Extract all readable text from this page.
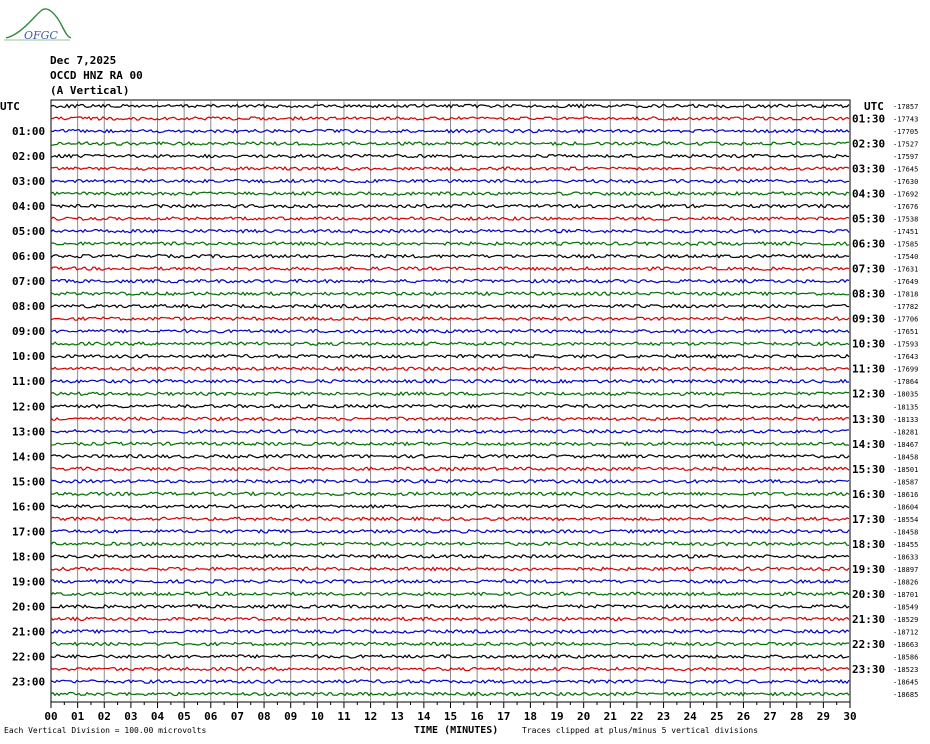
OFGC
Dec 7,2025
OCCD HNZ RA 00
(A Vertical)
01:00
02:00
03:00
04:00
05:00
06:00
07:00
08:00
09:00
10:00
11:00
12:00
13:00
14:00
15:00
16:00
17:00
18:00
19:00
20:00
21:00
22:00
23:00
01:30
02:30
03:30
04:30
05:30
06:30
07:30
08:30
09:30
10:30
11:30
12:30
13:30
14:30
15:30
16:30
17:30
18:30
19:30
20:30
21:30
22:30
23:30
-17857
-17743
-17705
-17527
-17597
-17645
-17630
-17692
-17676
-17538
-17451
-17585
-17540
-17631
-17649
-17818
-17782
-17706
-17651
-17593
-17643
-17699
-17864
-18035
-18135
-18133
-18281
-18467
-18458
-18501
-18587
-18616
-18604
-18554
-18458
-18455
-18633
-18897
-18826
-18701
-18549
-18529
-18712
-18663
-18586
-18523
-18645
-18685
00 01 02 03 04 05 06 07 08 09 10 11 12 13 14 15 16 17 18 19 20 21 22 23 24 25 26 27 28 29 30
UTC	UTC
TIME (MINUTES)
Each Vertical Division = 100.00 microvolts	Traces clipped at plus/minus 5 vertical divisions
